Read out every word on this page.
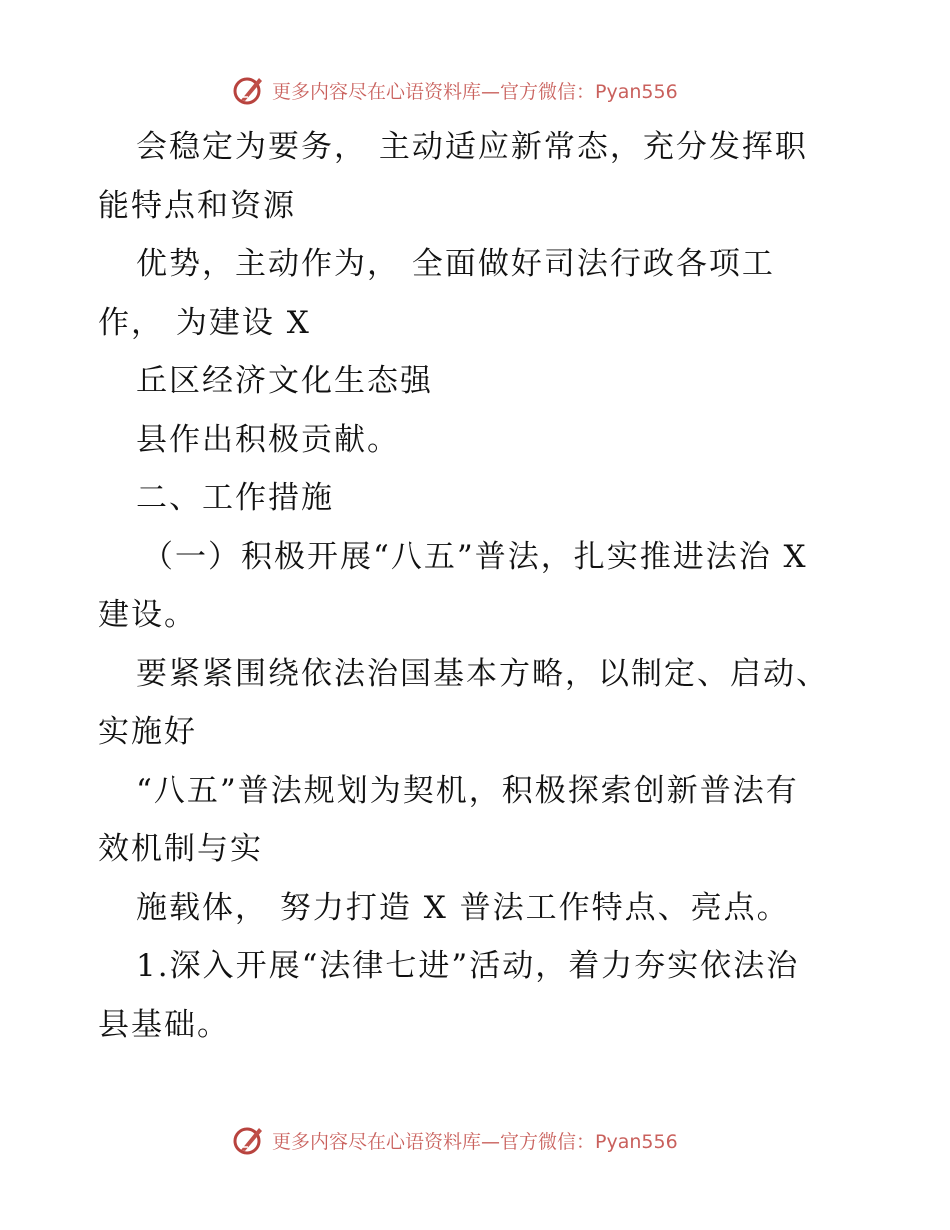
更多内容尽在心语资料库—官方微信：Pyan556
会稳定为要务， 主动适应新常态，充分发挥职
能特点和资源
优势，主动作为， 全面做好司法行政各项工
作， 为建设 X
丘区经济文化生态强
县作出积极贡献。
二、工作措施
（一）积极开展“八五”普法，扎实推进法治 X
建设。
要紧紧围绕依法治国基本方略，以制定、启动、
实施好
“八五”普法规划为契机，积极探索创新普法有
效机制与实
施载体， 努力打造 X 普法工作特点、亮点。
1.深入开展“法律七进”活动，着力夯实依法治
县基础。
更多内容尽在心语资料库—官方微信：Pyan556
